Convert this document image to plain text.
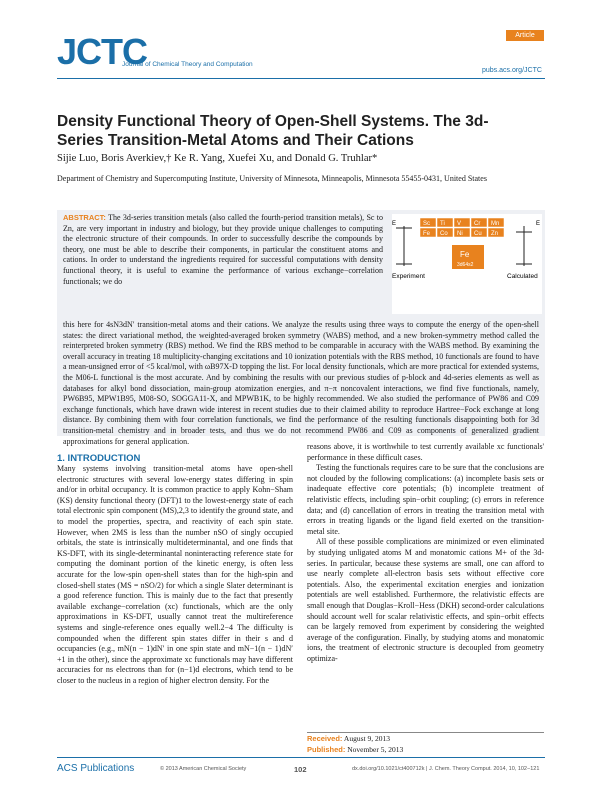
JCTC
Journal of Chemical Theory and Computation
Article
pubs.acs.org/JCTC
Density Functional Theory of Open-Shell Systems. The 3d-Series Transition-Metal Atoms and Their Cations
Sijie Luo, Boris Averkiev,† Ke R. Yang, Xuefei Xu, and Donald G. Truhlar*
Department of Chemistry and Supercomputing Institute, University of Minnesota, Minneapolis, Minnesota 55455-0431, United States
ABSTRACT: The 3d-series transition metals (also called the fourth-period transition metals), Sc to Zn, are very important in industry and biology, but they provide unique challenges to computing the electronic structure of their compounds. In order to successfully describe the compounds by theory, one must be able to describe their components, in particular the constituent atoms and cations. In order to understand the ingredients required for successful computations with density functional theory, it is useful to examine the performance of various exchange−correlation functionals; we do
this here for 4sN3dN′ transition-metal atoms and their cations. We analyze the results using three ways to compute the energy of the open-shell states: the direct variational method, the weighted-averaged broken symmetry (WABS) method, and a new broken-symmetry method called the reinterpreted broken symmetry (RBS) method. We find the RBS method to be comparable in accuracy with the WABS method. By examining the overall accuracy in treating 18 multiplicity-changing excitations and 10 ionization potentials with the RBS method, 10 functionals are found to have a mean-unsigned error of <5 kcal/mol, with ωB97X-D topping the list. For local density functionals, which are more practical for extended systems, the M06-L functional is the most accurate. And by combining the results with our previous studies of p-block and 4d-series elements as well as databases for alkyl bond dissociation, main-group atomization energies, and π−π noncovalent interactions, we find five functionals, namely, PW6B95, MPW1B95, M08-SO, SOGGA11-X, and MPWB1K, to be highly recommended. We also studied the performance of PW86 and C09 exchange functionals, which have drawn wide interest in recent studies due to their claimed ability to reproduce Hartree−Fock exchange at long distance. By combining them with four correlation functionals, we find the performance of the resulting functionals disappointing both for 3d transition-metal chemistry and in broader tests, and thus we do not recommend PW86 and C09 as components of generalized gradient approximations for general application.
E	E
Sc Ti V Cr Mn
Fe Co Ni Cu Zn
Fe
3d64s2
Experiment	Calculated
1. INTRODUCTION

Many systems involving transition-metal atoms have open-shell electronic structures with several low-energy states differing in spin and/or in orbital occupancy. It is common practice to apply Kohn−Sham (KS) density functional theory (DFT)1 to the lowest-energy state of each total electronic spin component (MS),2,3 to identify the ground state, and to model the properties, spectra, and reactivity of each spin state. However, when 2MS is less than the number nSO of singly occupied orbitals, the state is intrinsically multideterminantal, and one finds that KS-DFT, with its single-determinantal noninteracting reference state for computing the dominant portion of the kinetic energy, is often less accurate for the low-spin open-shell states than for the high-spin and closed-shell states (MS = nSO/2) for which a single Slater determinant is a good reference function. This is mainly due to the fact that presently available exchange−correlation (xc) functionals, which are the only approximations in KS-DFT, usually cannot treat the multireference systems and single-reference ones equally well.2−4 The difficulty is compounded when the different spin states differ in their s and d occupancies (e.g., mN(n − 1)dN′ in one spin state and mN−1(n − 1)dN′+1 in the other), since the approximate xc functionals may have different accuracies for ns electrons than for (n−1)d electrons, which tend to be closer to the nucleus in a region of higher electron density. For the

reasons above, it is worthwhile to test currently available xc functionals' performance in these difficult cases.

Testing the functionals requires care to be sure that the conclusions are not clouded by the following complications: (a) incomplete basis sets or inadequate effective core potentials; (b) incomplete treatment of relativistic effects, including spin−orbit coupling; (c) errors in reference data; and (d) cancellation of errors in treating the transition metal with errors in treating ligands or the ligand field exerted on the transition-metal site.

All of these possible complications are minimized or even eliminated by studying unligated atoms M and monatomic cations M+ of the 3d-series. In particular, because these systems are small, one can afford to use nearly complete all-electron basis sets without effective core potentials. Also, the experimental excitation energies and ionization potentials are well established. Furthermore, the relativistic effects are small enough that Douglas−Kroll−Hess (DKH) second-order calculations should account well for scalar relativistic effects, and spin−orbit effects can be largely removed from experiment by considering the weighted average of the configuration. Finally, by studying atoms and monatomic ions, the treatment of electronic structure is decoupled from geometry optimiza-

Received: August 9, 2013
Published: November 5, 2013
ACS Publications	© 2013 American Chemical Society	102	dx.doi.org/10.1021/ct400712k | J. Chem. Theory Comput. 2014, 10, 102−121
